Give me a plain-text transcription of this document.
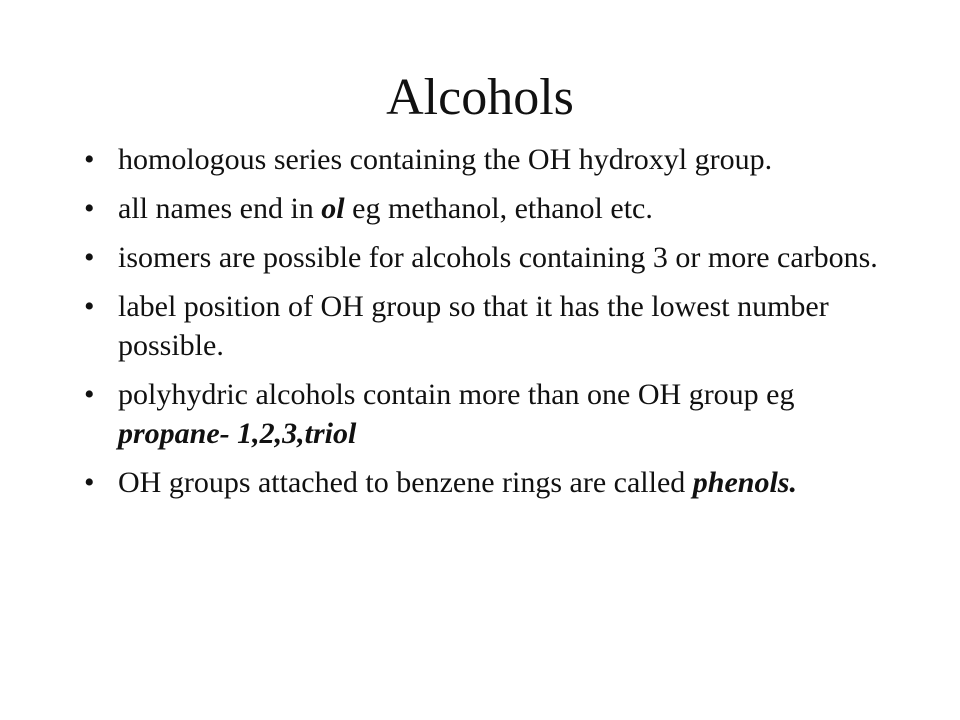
Alcohols
• homologous series containing the OH hydroxyl group.
• all names end in ol eg methanol, ethanol etc.
• isomers are possible for alcohols containing 3 or more carbons.
• label position of OH group so that it has the lowest number possible.
• polyhydric alcohols contain more than one OH group eg propane- 1,2,3,triol
• OH groups attached to benzene rings are called phenols.
